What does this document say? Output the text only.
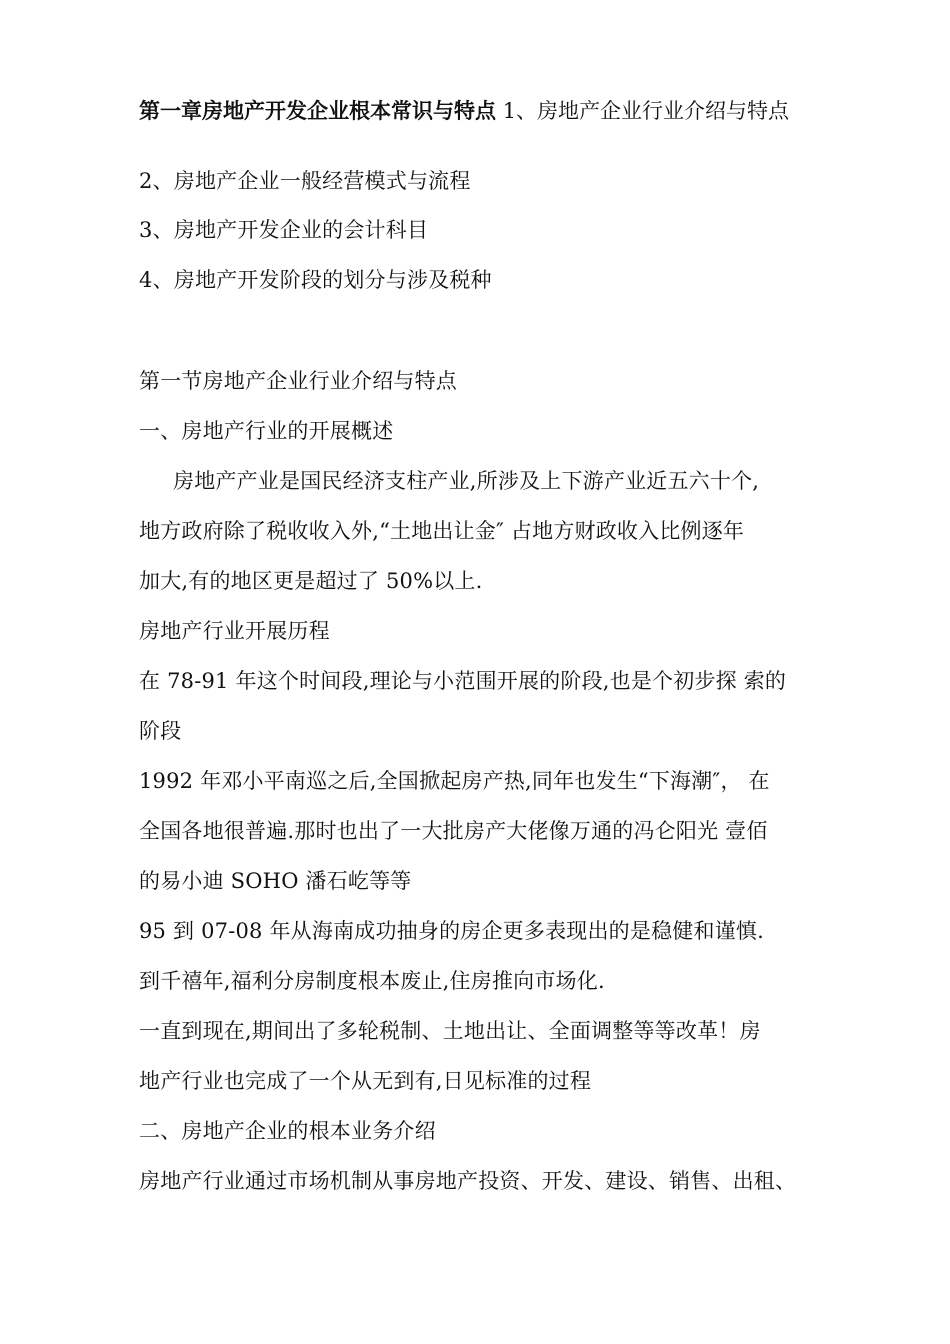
第一章房地产开发企业根本常识与特点 1、房地产企业行业介绍与特点
2、房地产企业一般经营模式与流程
3、房地产开发企业的会计科目
4、房地产开发阶段的划分与涉及税种
第一节房地产企业行业介绍与特点
一、房地产行业的开展概述
房地产产业是国民经济支柱产业,所涉及上下游产业近五六十个,
地方政府除了税收收入外,“土地出让金″ 占地方财政收入比例逐年
加大,有的地区更是超过了 50%以上.
房地产行业开展历程
在 78-91 年这个时间段,理论与小范围开展的阶段,也是个初步探 索的
阶段
1992 年邓小平南巡之后,全国掀起房产热,同年也发生“下海潮″， 在
全国各地很普遍.那时也出了一大批房产大佬像万通的冯仑阳光 壹佰
的易小迪 SOHO 潘石屹等等
95 到 07-08 年从海南成功抽身的房企更多表现出的是稳健和谨慎.
到千禧年,福利分房制度根本废止,住房推向市场化.
一直到现在,期间出了多轮税制、土地出让、全面调整等等改革！房
地产行业也完成了一个从无到有,日见标准的过程
二、房地产企业的根本业务介绍
房地产行业通过市场机制从事房地产投资、开发、建设、销售、出租、
